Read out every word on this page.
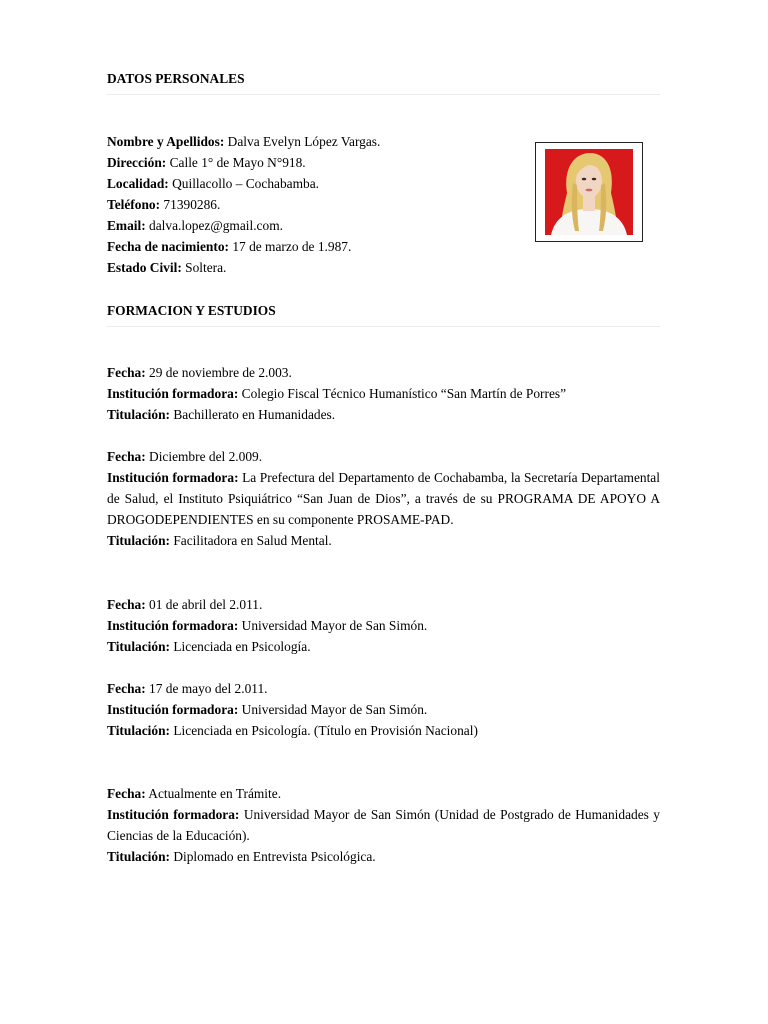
DATOS PERSONALES
Nombre y Apellidos: Dalva Evelyn López Vargas.
Dirección: Calle 1° de Mayo N°918.
Localidad: Quillacollo – Cochabamba.
Teléfono: 71390286.
Email: dalva.lopez@gmail.com.
Fecha de nacimiento: 17 de marzo de 1.987.
Estado Civil: Soltera.
FORMACION Y ESTUDIOS
Fecha: 29 de noviembre de 2.003.
Institución formadora: Colegio Fiscal Técnico Humanístico “San Martín de Porres”
Titulación: Bachillerato en Humanidades.
Fecha: Diciembre del 2.009.
Institución formadora: La Prefectura del Departamento de Cochabamba, la Secretaría Departamental de Salud, el Instituto Psiquiátrico “San Juan de Dios”, a través de su PROGRAMA DE APOYO A DROGODEPENDIENTES en su componente PROSAME-PAD.
Titulación: Facilitadora en Salud Mental.
Fecha: 01 de abril del 2.011.
Institución formadora: Universidad Mayor de San Simón.
Titulación: Licenciada en Psicología.
Fecha: 17 de mayo del 2.011.
Institución formadora: Universidad Mayor de San Simón.
Titulación: Licenciada en Psicología. (Título en Provisión Nacional)
Fecha: Actualmente en Trámite.
Institución formadora: Universidad Mayor de San Simón (Unidad de Postgrado de Humanidades y Ciencias de la Educación).
Titulación: Diplomado en Entrevista Psicológica.
